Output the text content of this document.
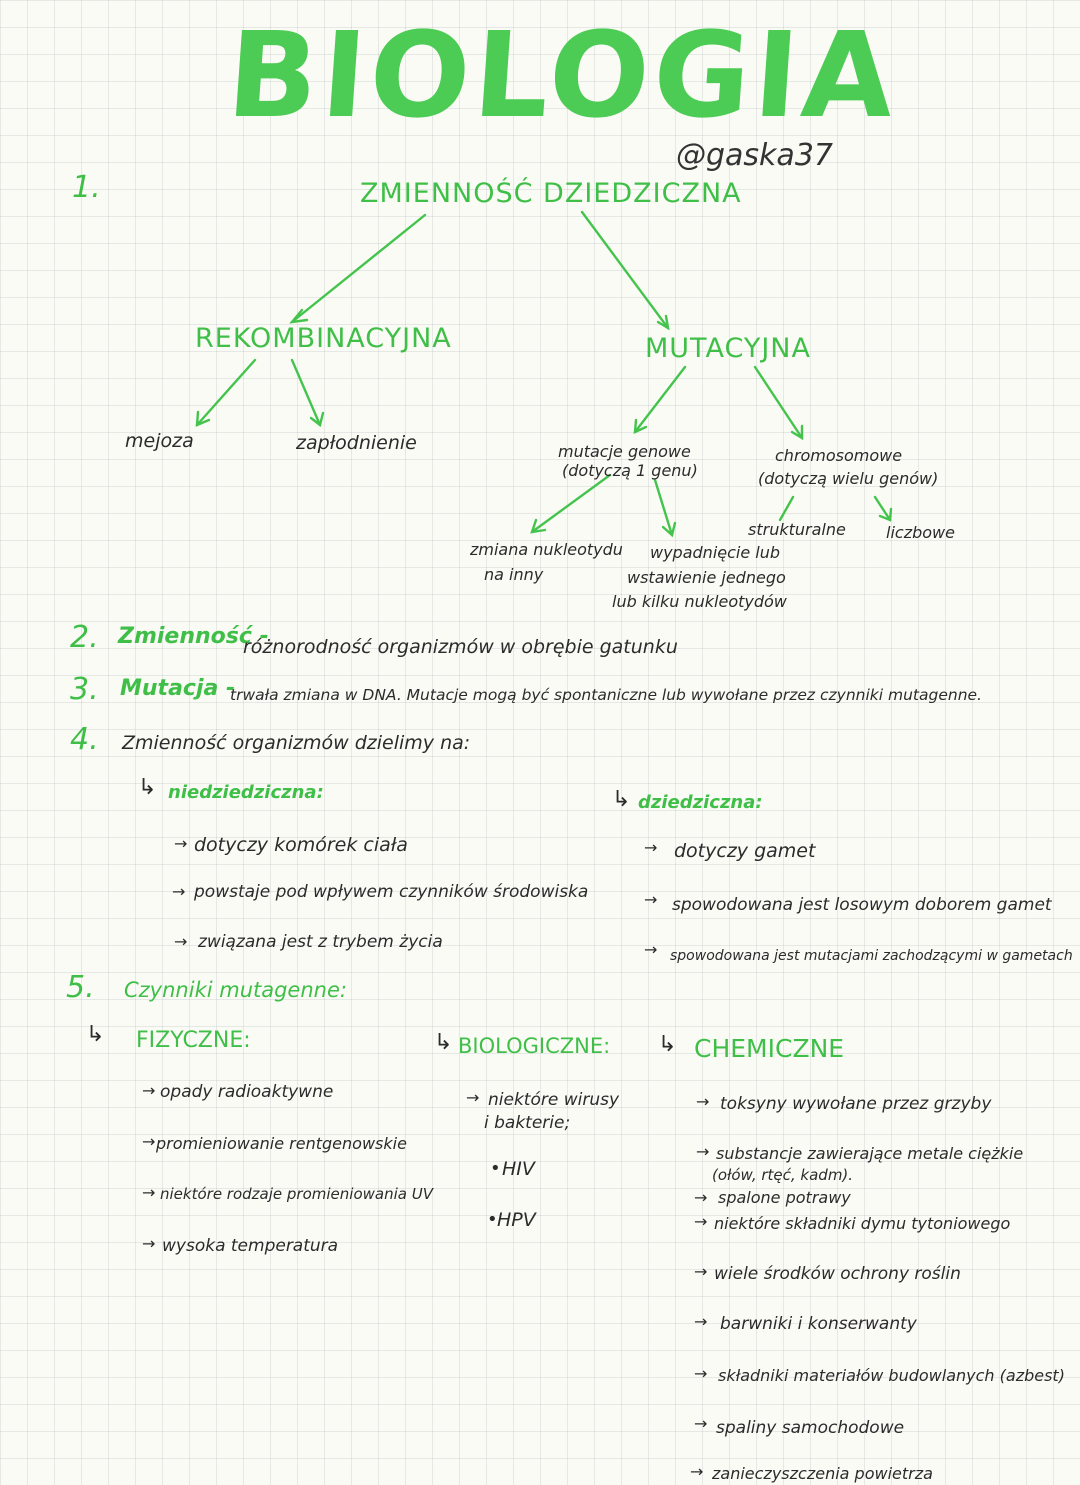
BIOLOGIA
@gaska37
1.	ZMIENNOŚĆ DZIEDZICZNA
REKOMBINACYJNA	MUTACYJNA
mejoza	zapłodnienie	mutacje genowe
(dotyczą 1 genu)
chromosomowe
(dotyczą wielu genów)
zmiana nukleotydu
na inny
wypadnięcie lub
wstawienie jednego
lub kilku nukleotydów
strukturalne	liczbowe
2. Zmienność -
różnorodność organizmów w obrębie gatunku
3. Mutacja -
trwała zmiana w DNA. Mutacje mogą być spontaniczne lub wywołane przez czynniki mutagenne.
4. Zmienność organizmów dzielimy na:
↳ niedziedziczna:	↳ dziedziczna:
→ dotyczy komórek ciała
→ powstaje pod wpływem czynników środowiska
→ związana jest z trybem życia
→ dotyczy gamet
→ spowodowana jest losowym doborem gamet
→ spowodowana jest mutacjami zachodzącymi w gametach
5. Czynniki mutagenne:
↳ FIZYCZNE:	↳ BIOLOGICZNE: ↳ CHEMICZNE
→ opady radioaktywne
→ promieniowanie rentgenowskie
→ niektóre rodzaje promieniowania UV
→ wysoka temperatura
→ niektóre wirusy
i bakterie;
• HIV
• HPV
→ toksyny wywołane przez grzyby
→ substancje zawierające metale ciężkie
(ołów, rtęć, kadm).
→ spalone potrawy
→ niektóre składniki dymu tytoniowego
→ wiele środków ochrony roślin
→ barwniki i konserwanty
→ składniki materiałów budowlanych (azbest)
→ spaliny samochodowe
→ zanieczyszczenia powietrza
